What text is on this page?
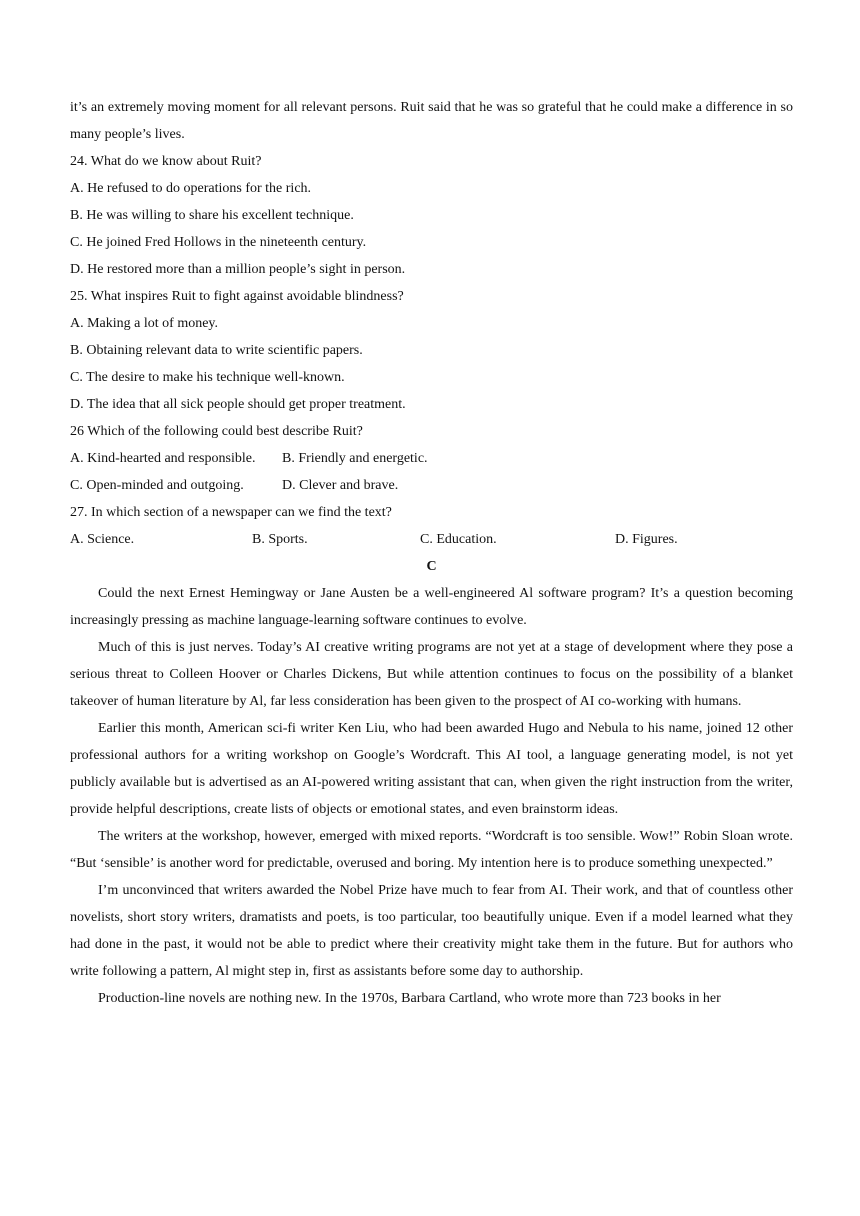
it’s an extremely moving moment for all relevant persons. Ruit said that he was so grateful that he could make a difference in so many people’s lives.

24. What do we know about Ruit?

A. He refused to do operations for the rich.

B. He was willing to share his excellent technique.

C. He joined Fred Hollows in the nineteenth century.

D. He restored more than a million people’s sight in person.

25. What inspires Ruit to fight against avoidable blindness?

A. Making a lot of money.

B. Obtaining relevant data to write scientific papers.

C. The desire to make his technique well-known.

D. The idea that all sick people should get proper treatment.

26 Which of the following could best describe Ruit?

A. Kind-hearted and responsible.	B. Friendly and energetic.
C. Open-minded and outgoing.	D. Clever and brave.

27. In which section of a newspaper can we find the text?

A. Science.	B. Sports.	C. Education.	D. Figures.

C

Could the next Ernest Hemingway or Jane Austen be a well-engineered Al software program? It’s a question becoming increasingly pressing as machine language-learning software continues to evolve.

Much of this is just nerves. Today’s AI creative writing programs are not yet at a stage of development where they pose a serious threat to Colleen Hoover or Charles Dickens, But while attention continues to focus on the possibility of a blanket takeover of human literature by Al, far less consideration has been given to the prospect of AI co-working with humans.

Earlier this month, American sci-fi writer Ken Liu, who had been awarded Hugo and Nebula to his name, joined 12 other professional authors for a writing workshop on Google’s Wordcraft. This AI tool, a language generating model, is not yet publicly available but is advertised as an AI-powered writing assistant that can, when given the right instruction from the writer, provide helpful descriptions, create lists of objects or emotional states, and even brainstorm ideas.

The writers at the workshop, however, emerged with mixed reports. “Wordcraft is too sensible. Wow!” Robin Sloan wrote. “But ‘sensible’ is another word for predictable, overused and boring. My intention here is to produce something unexpected.”

I’m unconvinced that writers awarded the Nobel Prize have much to fear from AI. Their work, and that of countless other novelists, short story writers, dramatists and poets, is too particular, too beautifully unique. Even if a model learned what they had done in the past, it would not be able to predict where their creativity might take them in the future. But for authors who write following a pattern, Al might step in, first as assistants before some day to authorship.

Production-line novels are nothing new. In the 1970s, Barbara Cartland, who wrote more than 723 books in her
